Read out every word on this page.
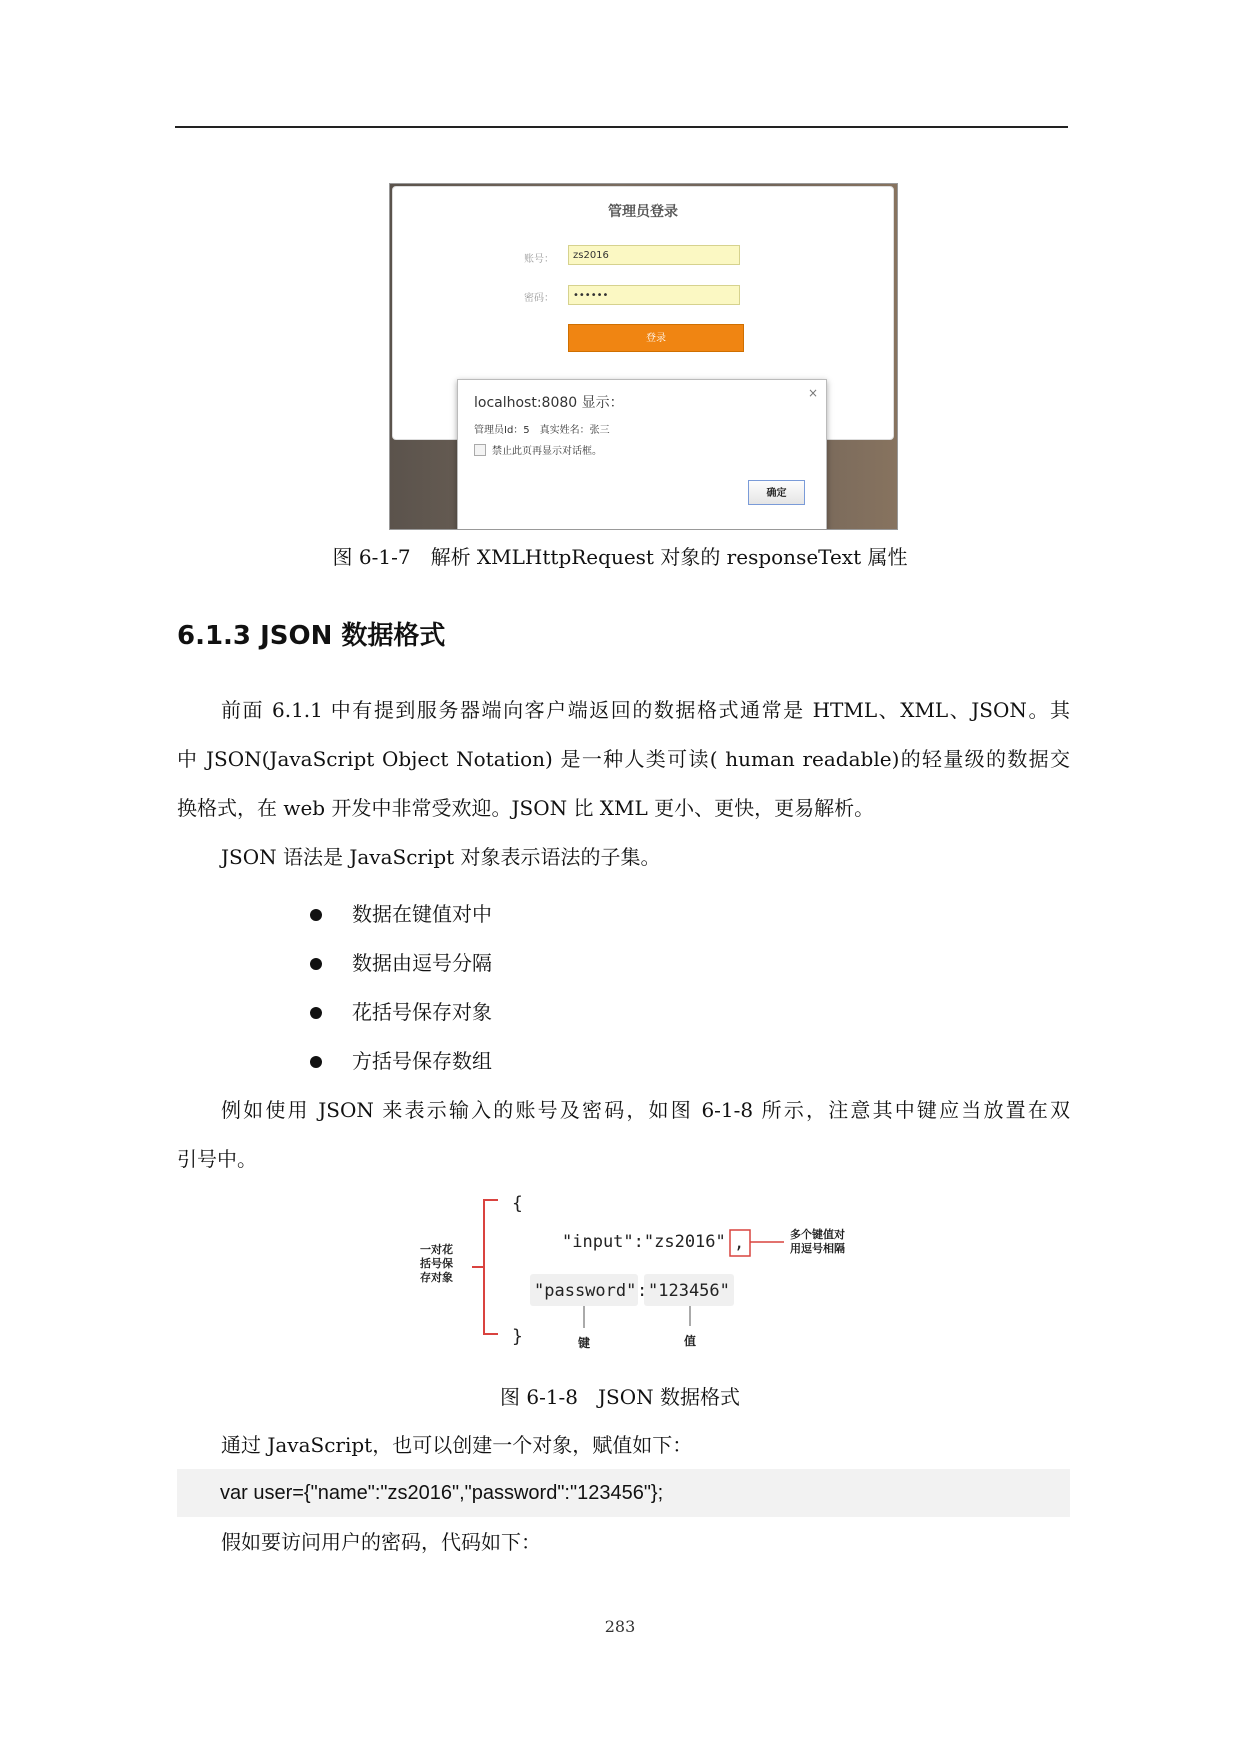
管理员登录
账号：	zs2016
密码：	••••••
登录
×
localhost:8080 显示：
管理员Id：5　真实姓名：张三
禁止此页再显示对话框。
确定
图 6-1-7　解析 XMLHttpRequest 对象的 responseText 属性
6.1.3 JSON 数据格式

前面 6.1.1 中有提到服务器端向客户端返回的数据格式通常是 HTML、XML、JSON。其

中 JSON(JavaScript Object Notation) 是一种人类可读( human readable)的轻量级的数据交

换格式，在 web 开发中非常受欢迎。JSON 比 XML 更小、更快，更易解析。

JSON 语法是 JavaScript 对象表示语法的子集。

数据在键值对中
数据由逗号分隔
花括号保存对象
方括号保存数组

例如使用 JSON 来表示输入的账号及密码，如图 6-1-8 所示，注意其中键应当放置在双

引号中。

{
}
一对花
括号保
存对象
"input":"zs2016" ,	多个键值对
用逗号相隔
"password" : "123456"
键	值
图 6-1-8　JSON 数据格式

通过 JavaScript，也可以创建一个对象，赋值如下：

var user={"name":"zs2016","password":"123456"};

假如要访问用户的密码，代码如下：

283
